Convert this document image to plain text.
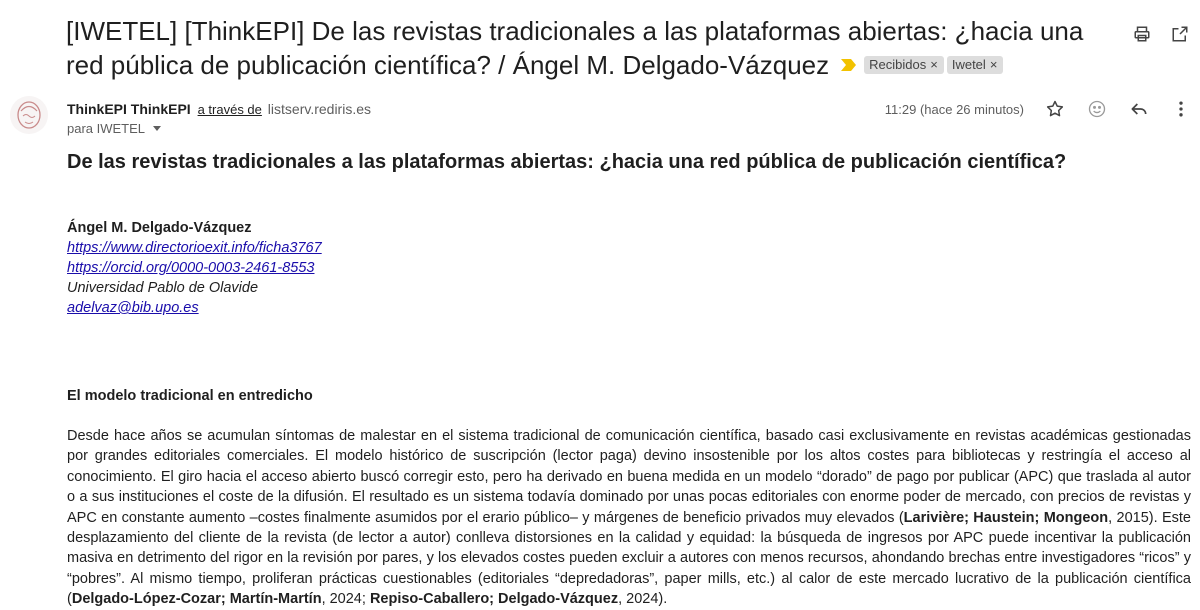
[IWETEL] [ThinkEPI] De las revistas tradicionales a las plataformas abiertas: ¿hacia una red pública de publicación científica? / Ángel M. Delgado-Vázquez	Recibidos × Iwetel ×
ThinkEPI ThinkEPI a través de listserv.rediris.es
para IWETEL
11:29 (hace 26 minutos)
De las revistas tradicionales a las plataformas abiertas: ¿hacia una red pública de publicación científica?
Ángel M. Delgado-Vázquez
https://www.directorioexit.info/ficha3767
https://orcid.org/0000-0003-2461-8553
Universidad Pablo de Olavide
adelvaz@bib.upo.es
El modelo tradicional en entredicho

Desde hace años se acumulan síntomas de malestar en el sistema tradicional de comunicación científica, basado casi exclusivamente en revistas académicas gestionadas por grandes editoriales comerciales. El modelo histórico de suscripción (lector paga) devino insostenible por los altos costes para bibliotecas y restringía el acceso al conocimiento. El giro hacia el acceso abierto buscó corregir esto, pero ha derivado en buena medida en un modelo “dorado” de pago por publicar (APC) que traslada al autor o a sus instituciones el coste de la difusión. El resultado es un sistema todavía dominado por unas pocas editoriales con enorme poder de mercado, con precios de revistas y APC en constante aumento –costes finalmente asumidos por el erario público– y márgenes de beneficio privados muy elevados (Larivière; Haustein; Mongeon, 2015). Este desplazamiento del cliente de la revista (de lector a autor) conlleva distorsiones en la calidad y equidad: la búsqueda de ingresos por APC puede incentivar la publicación masiva en detrimento del rigor en la revisión por pares, y los elevados costes pueden excluir a autores con menos recursos, ahondando brechas entre investigadores “ricos” y “pobres”. Al mismo tiempo, proliferan prácticas cuestionables (editoriales “depredadoras”, paper mills, etc.) al calor de este mercado lucrativo de la publicación científica (Delgado-López-Cozar; Martín-Martín, 2024; Repiso-Caballero; Delgado-Vázquez, 2024).
